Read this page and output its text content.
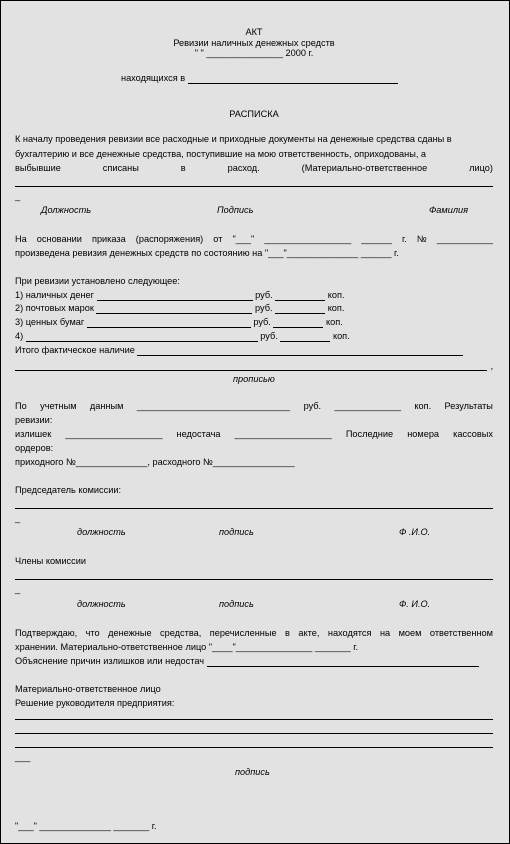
АКТ
Ревизии наличных денежных средств
" " _______________ 2000 г.
находящихся в
РАСПИСКА
К началу проведения ревизии все расходные и приходные документы на денежные средства сданы в
бухгалтерию и все денежные средства, поступившие на мою ответственность, оприходованы, а
выбывшие	списаны	в	расход.	(Материально-ответственное	лицо)
_
Должность	Подпись	Фамилия
На основании приказа (распоряжения) от "___" _________________ ______ г. № ___________
произведена ревизия денежных средств по состоянию на "___"______________ ______ г.
При ревизии установлено следующее:
1) наличных денег	руб.	коп.
2) почтовых марок	руб.	коп.
3) ценных бумаг	руб.	коп.
4)	руб.	коп.
Итого фактическое наличие
,
прописью
По учетным данным ______________________________ руб. _____________ коп. Результаты
ревизии:
излишек ___________________ недостача ___________________ Последние номера кассовых
ордеров:
приходного №______________, расходного №________________
Председатель комиссии:
_
должность	подпись	Ф .И.О.
Члены комиссии
_
должность	подпись	Ф. И.О.
Подтверждаю, что денежные средства, перечисленные в акте, находятся на моем ответственном
хранении. Материально-ответственное лицо "____"_______________ _______ г.
Объяснение причин излишков или недостач
Материально-ответственное лицо
Решение руководителя предприятия:
___
подпись
"___" ______________ _______ г.
